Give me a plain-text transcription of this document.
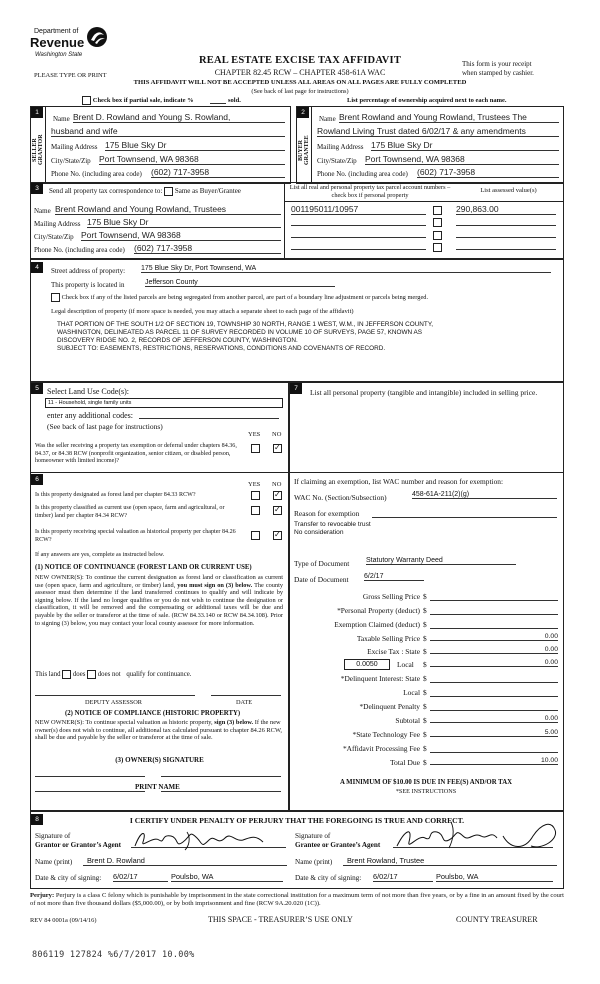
Department of
Revenue
Washington State
PLEASE TYPE OR PRINT
REAL ESTATE EXCISE TAX AFFIDAVIT
CHAPTER 82.45 RCW – CHAPTER 458-61A WAC
THIS AFFIDAVIT WILL NOT BE ACCEPTED UNLESS ALL AREAS ON ALL PAGES ARE FULLY COMPLETED
(See back of last page for instructions)
This form is your receipt
when stamped by cashier.
Check box if partial sale, indicate %	sold.	List percentage of ownership acquired next to each name.
1
SELLER GRANTOR
Name Brent D. Rowland and Young S. Rowland,
husband and wife
Mailing Address 175 Blue Sky Dr
City/State/Zip Port Townsend, WA 98368
Phone No. (including area code) (602) 717-3958
2
BUYER GRANTEE
Name Brent Rowland and Young Rowland, Trustees The
Rowland Living Trust dated 6/02/17 & any amendments
Mailing Address 175 Blue Sky Dr
City/State/Zip Port Townsend, WA 98368
Phone No. (including area code) (602) 717-3958
3	Send all property tax correspondence to: Same as Buyer/Grantee
Name Brent Rowland and Young Rowland, Trustees
Mailing Address 175 Blue Sky Dr
City/State/Zip Port Townsend, WA 98368
Phone No. (including area code) (602) 717-3958
List all real and personal property tax parcel account numbers – check box if personal property
List assessed value(s)
001195011/10957	290,863.00
4	Street address of property: 175 Blue Sky Dr, Port Townsend, WA
This property is located in	Jefferson County
Check box if any of the listed parcels are being segregated from another parcel, are part of a boundary line adjustment or parcels being merged.
Legal description of property (if more space is needed, you may attach a separate sheet to each page of the affidavit)
THAT PORTION OF THE SOUTH 1/2 OF SECTION 19, TOWNSHIP 30 NORTH, RANGE 1 WEST, W.M., IN JEFFERSON COUNTY,
WASHINGTON, DELINEATED AS PARCEL 11 OF SURVEY RECORDED IN VOLUME 10 OF SURVEYS, PAGE 57, KNOWN AS
DISCOVERY RIDGE NO. 2, RECORDS OF JEFFERSON COUNTY, WASHINGTON.
SUBJECT TO: EASEMENTS, RESTRICTIONS, RESERVATIONS, CONDITIONS AND COVENANTS OF RECORD.
5	Select Land Use Code(s):
11 - Household, single family units
enter any additional codes:
(See back of last page for instructions)
YES NO
Was the seller receiving a property tax exemption or deferral under chapters 84.36, 84.37, or 84.38 RCW (nonprofit organization, senior citizen, or disabled person, homeowner with limited income)?
✓
7	List all personal property (tangible and intangible) included in selling price.
6
YES NO
Is this property designated as forest land per chapter 84.33 RCW?
✓
Is this property classified as current use (open space, farm and agricultural, or timber) land per chapter 84.34 RCW?
✓
Is this property receiving special valuation as historical property per chapter 84.26 RCW?
✓
If any answers are yes, complete as instructed below.
(1) NOTICE OF CONTINUANCE (FOREST LAND OR CURRENT USE)
NEW OWNER(S): To continue the current designation as forest land or classification as current use (open space, farm and agriculture, or timber) land, you must sign on (3) below. The county assessor must then determine if the land transferred continues to qualify and will indicate by signing below. If the land no longer qualifies or you do not wish to continue the designation or classification, it will be removed and the compensating or additional taxes will be due and payable by the seller or transferor at the time of sale. (RCW 84.33.140 or RCW 84.34.108). Prior to signing (3) below, you may contact your local county assessor for more information.
This land does does not qualify for continuance.
DEPUTY ASSESSOR	DATE
(2) NOTICE OF COMPLIANCE (HISTORIC PROPERTY)
NEW OWNER(S): To continue special valuation as historic property, sign (3) below. If the new owner(s) does not wish to continue, all additional tax calculated pursuant to chapter 84.26 RCW, shall be due and payable by the seller or transferor at the time of sale.
(3) OWNER(S) SIGNATURE
PRINT NAME
If claiming an exemption, list WAC number and reason for exemption:
WAC No. (Section/Subsection)	458-61A-211(2)(g)
Reason for exemption
Transfer to revocable trust
No consideration
Type of Document Statutory Warranty Deed
Date of Document 6/2/17
Gross Selling Price $
*Personal Property (deduct) $
Exemption Claimed (deduct) $
Taxable Selling Price $	0.00
Excise Tax : State $	0.00
0.0050	Local $	0.00
*Delinquent Interest: State $
Local $
*Delinquent Penalty $
Subtotal $	0.00
*State Technology Fee $	5.00
*Affidavit Processing Fee $
Total Due $	10.00
A MINIMUM OF $10.00 IS DUE IN FEE(S) AND/OR TAX
*SEE INSTRUCTIONS
8	I CERTIFY UNDER PENALTY OF PERJURY THAT THE FOREGOING IS TRUE AND CORRECT.
Signature of
Grantor or Grantor’s Agent
Signature of
Grantee or Grantee’s Agent
Name (print)	Brent D. Rowland	Name (print)	Brent Rowland, Trustee
Date & city of signing: 6/02/17	Poulsbo, WA	Date & city of signing: 6/02/17	Poulsbo, WA
Perjury: Perjury is a class C felony which is punishable by imprisonment in the state correctional institution for a maximum term of not more than five years, or by a fine in an amount fixed by the court of not more than five thousand dollars ($5,000.00), or by both imprisonment and fine (RCW 9A.20.020 (1C)).
REV 84 0001a (09/14/16)	THIS SPACE - TREASURER’S USE ONLY	COUNTY TREASURER
806119 127824 %6/7/2017 10.00%
